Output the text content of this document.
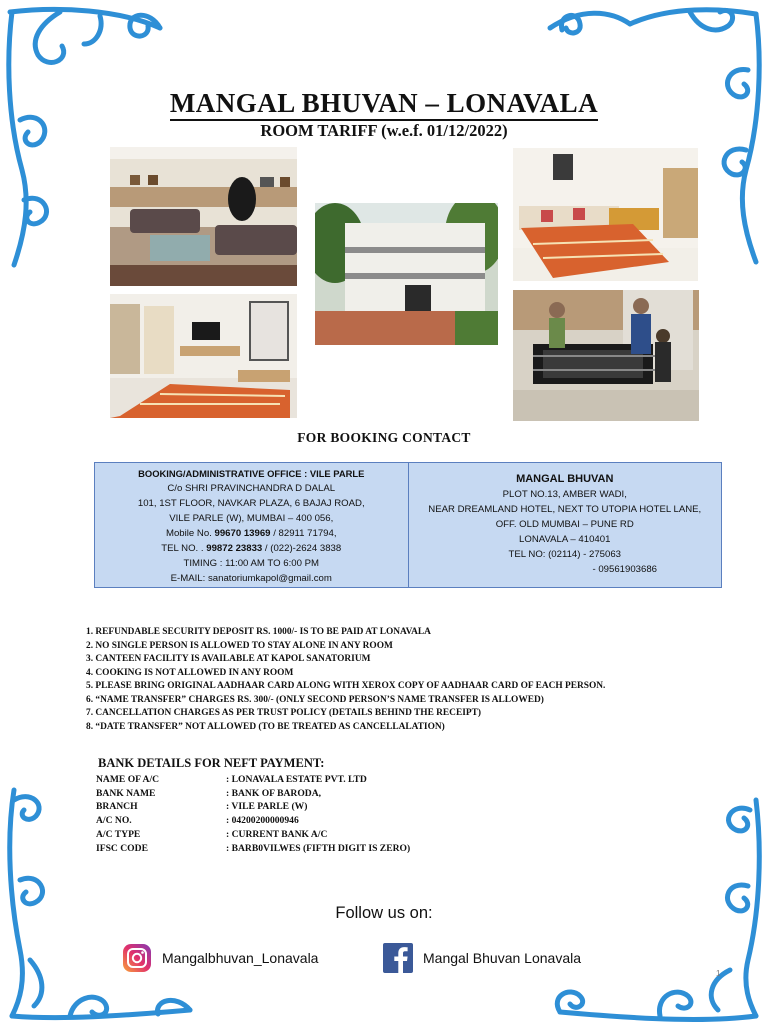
MANGAL BHUVAN – LONAVALA
ROOM TARIFF (w.e.f. 01/12/2022)
FOR BOOKING CONTACT
BOOKING/ADMINISTRATIVE OFFICE : VILE PARLE
C/o SHRI PRAVINCHANDRA D DALAL
101, 1ST FLOOR, NAVKAR PLAZA, 6 BAJAJ ROAD,
VILE PARLE (W), MUMBAI – 400 056,
Mobile No. 99670 13969 / 82911 71794,
TEL NO. . 99872 23833 / (022)-2624 3838
TIMING : 11:00 AM TO 6:00 PM
E-MAIL: sanatoriumkapol@gmail.com
MANGAL BHUVAN
PLOT NO.13, AMBER WADI,
NEAR DREAMLAND HOTEL, NEXT TO UTOPIA HOTEL LANE,
OFF. OLD MUMBAI – PUNE RD
LONAVALA – 410401
TEL NO: (02114) - 275063
- 09561903686
1. REFUNDABLE SECURITY DEPOSIT RS. 1000/- IS TO BE PAID AT LONAVALA
2. NO SINGLE PERSON IS ALLOWED TO STAY ALONE IN ANY ROOM
3. CANTEEN FACILITY IS AVAILABLE AT KAPOL SANATORIUM
4. COOKING IS NOT ALLOWED IN ANY ROOM
5. PLEASE BRING ORIGINAL AADHAAR CARD ALONG WITH XEROX COPY OF AADHAAR CARD OF EACH PERSON.
6. “NAME TRANSFER” CHARGES RS. 300/- (ONLY SECOND PERSON’S NAME TRANSFER IS ALLOWED)
7. CANCELLATION CHARGES AS PER TRUST POLICY (DETAILS BEHIND THE RECEIPT)
8. “DATE TRANSFER” NOT ALLOWED (TO BE TREATED AS CANCELLALATION)
BANK DETAILS FOR NEFT PAYMENT:
NAME OF A/C	: LONAVALA ESTATE PVT. LTD
BANK NAME	: BANK OF BARODA,
BRANCH	: VILE PARLE (W)
A/C NO.	: 04200200000946
A/C TYPE	: CURRENT BANK A/C
IFSC CODE	: BARB0VILWES (FIFTH DIGIT IS ZERO)
Follow us on:
Mangalbhuvan_Lonavala	Mangal Bhuvan Lonavala
1
